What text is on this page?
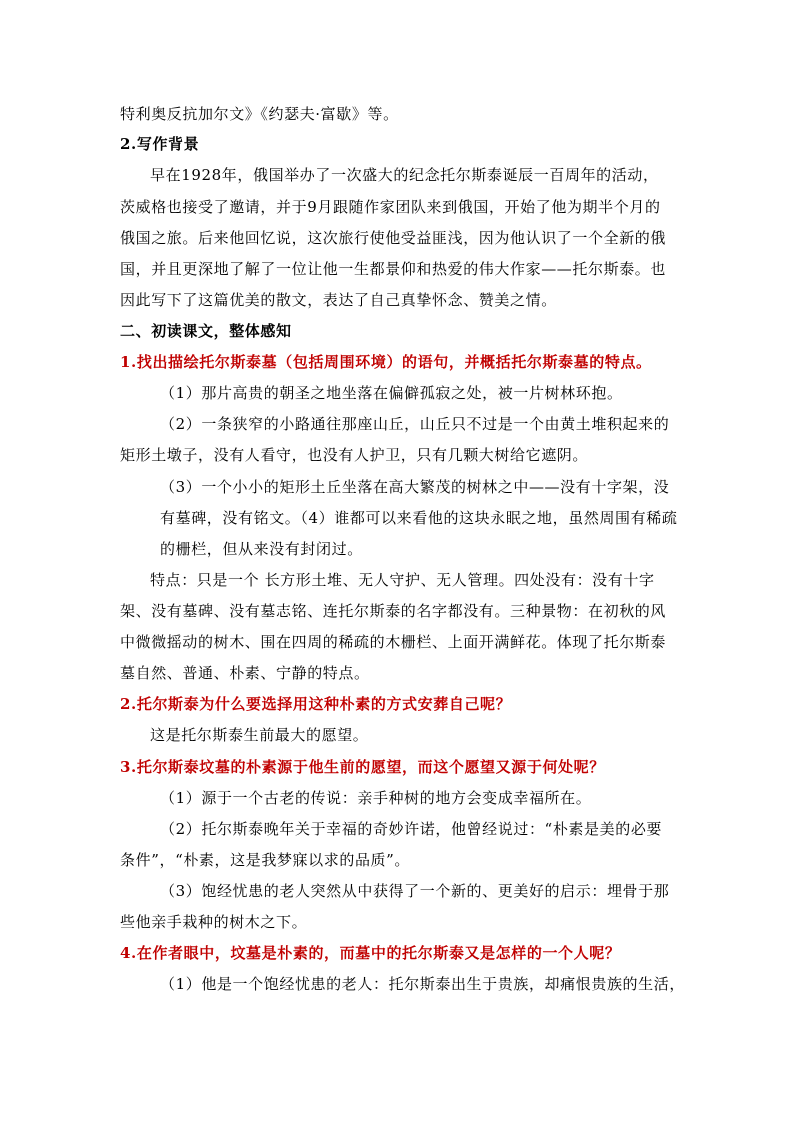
特利奥反抗加尔文》《约瑟夫·富歇》等。
2.写作背景
早在1928年，俄国举办了一次盛大的纪念托尔斯泰诞辰一百周年的活动，
茨威格也接受了邀请，并于9月跟随作家团队来到俄国，开始了他为期半个月的
俄国之旅。后来他回忆说，这次旅行使他受益匪浅，因为他认识了一个全新的俄
国，并且更深地了解了一位让他一生都景仰和热爱的伟大作家——托尔斯泰。也
因此写下了这篇优美的散文，表达了自己真挚怀念、赞美之情。
二、初读课文，整体感知
1.找出描绘托尔斯泰墓（包括周围环境）的语句，并概括托尔斯泰墓的特点。
（1）那片高贵的朝圣之地坐落在偏僻孤寂之处，被一片树林环抱。
（2）一条狭窄的小路通往那座山丘，山丘只不过是一个由黄土堆积起来的
矩形土墩子，没有人看守，也没有人护卫，只有几颗大树给它遮阴。
（3）一个小小的矩形土丘坐落在高大繁茂的树林之中——没有十字架，没
有墓碑，没有铭文。（4）谁都可以来看他的这块永眠之地，虽然周围有稀疏
的栅栏，但从来没有封闭过。
特点：只是一个 长方形土堆、无人守护、无人管理。四处没有：没有十字
架、没有墓碑、没有墓志铭、连托尔斯泰的名字都没有。三种景物：在初秋的风
中微微摇动的树木、围在四周的稀疏的木栅栏、上面开满鲜花。体现了托尔斯泰
墓自然、普通、朴素、宁静的特点。
2.托尔斯泰为什么要选择用这种朴素的方式安葬自己呢？
这是托尔斯泰生前最大的愿望。
3.托尔斯泰坟墓的朴素源于他生前的愿望，而这个愿望又源于何处呢？
（1）源于一个古老的传说：亲手种树的地方会变成幸福所在。
（2）托尔斯泰晚年关于幸福的奇妙许诺，他曾经说过：“朴素是美的必要
条件”，“朴素，这是我梦寐以求的品质”。
（3）饱经忧患的老人突然从中获得了一个新的、更美好的启示：埋骨于那
些他亲手栽种的树木之下。
4.在作者眼中，坟墓是朴素的，而墓中的托尔斯泰又是怎样的一个人呢？
（1）他是一个饱经忧患的老人：托尔斯泰出生于贵族，却痛恨贵族的生活，
